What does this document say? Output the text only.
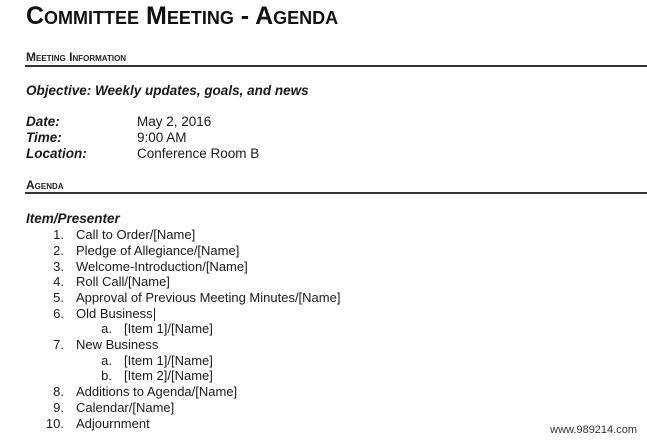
Committee Meeting - Agenda
Meeting Information
Objective: Weekly updates, goals, and news
Date:	May 2, 2016
Time:	9:00 AM
Location:	Conference Room B
Agenda
Item/Presenter
1. Call to Order/[Name]
2. Pledge of Allegiance/[Name]
3. Welcome-Introduction/[Name]
4. Roll Call/[Name]
5. Approval of Previous Meeting Minutes/[Name]
6. Old Business
a. [Item 1]/[Name]
7. New Business
a. [Item 1]/[Name]
b. [Item 2]/[Name]
8. Additions to Agenda/[Name]
9. Calendar/[Name]
10. Adjournment	www.989214.com
